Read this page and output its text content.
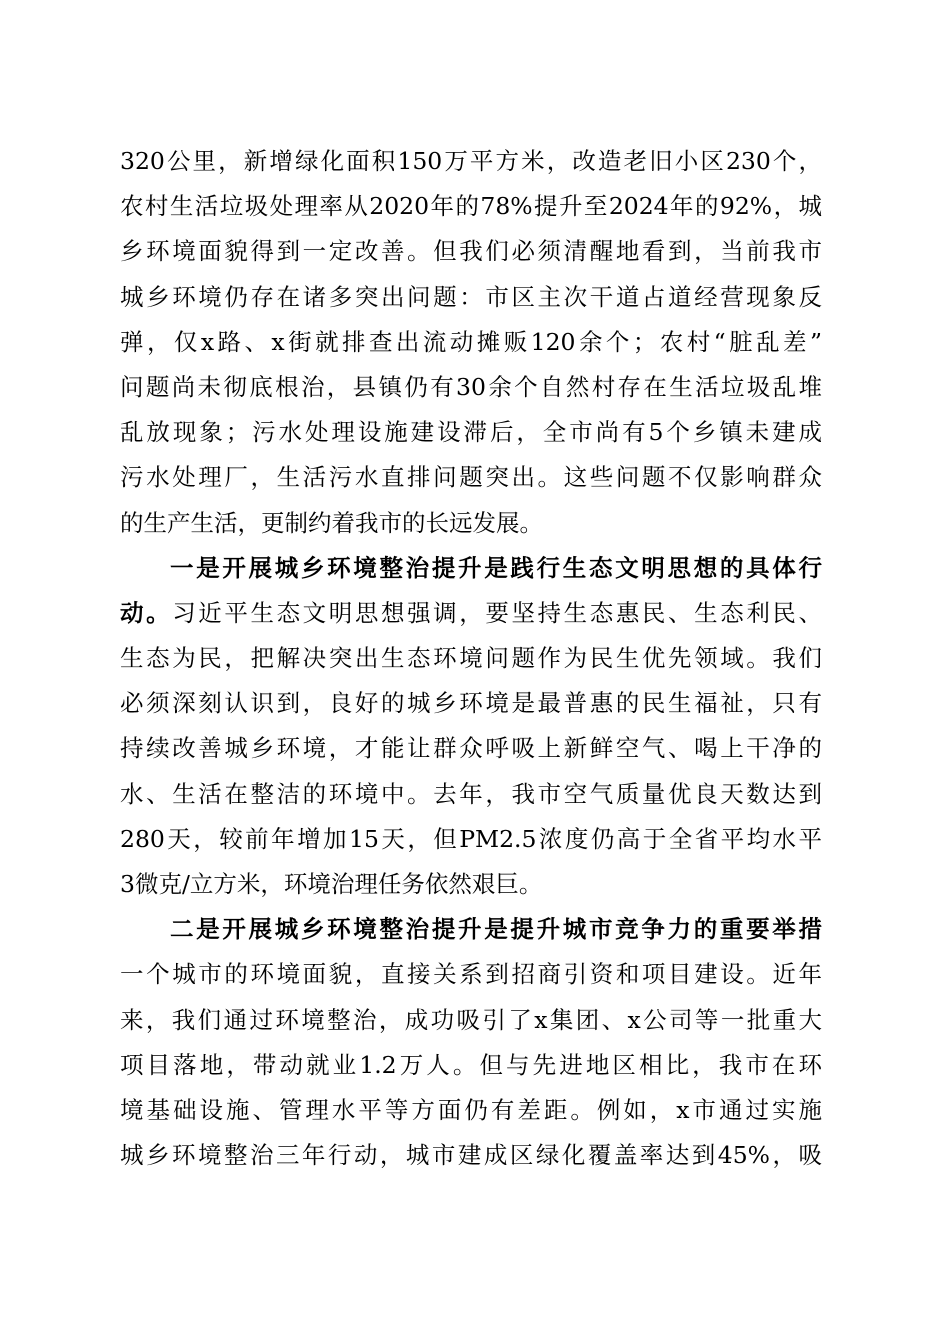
320公里，新增绿化面积150万平方米，改造老旧小区230个，
农村生活垃圾处理率从2020年的78%提升至2024年的92%，城
乡环境面貌得到一定改善。但我们必须清醒地看到，当前我市
城乡环境仍存在诸多突出问题：市区主次干道占道经营现象反
弹，仅x路、x街就排查出流动摊贩120余个；农村“脏乱差”
问题尚未彻底根治，县镇仍有30余个自然村存在生活垃圾乱堆
乱放现象；污水处理设施建设滞后，全市尚有5个乡镇未建成
污水处理厂，生活污水直排问题突出。这些问题不仅影响群众
的生产生活，更制约着我市的长远发展。
一是开展城乡环境整治提升是践行生态文明思想的具体行
动。习近平生态文明思想强调，要坚持生态惠民、生态利民、
生态为民，把解决突出生态环境问题作为民生优先领域。我们
必须深刻认识到，良好的城乡环境是最普惠的民生福祉，只有
持续改善城乡环境，才能让群众呼吸上新鲜空气、喝上干净的
水、生活在整洁的环境中。去年，我市空气质量优良天数达到
280天，较前年增加15天，但PM2.5浓度仍高于全省平均水平
3微克/立方米，环境治理任务依然艰巨。
二是开展城乡环境整治提升是提升城市竞争力的重要举措
一个城市的环境面貌，直接关系到招商引资和项目建设。近年
来，我们通过环境整治，成功吸引了x集团、x公司等一批重大
项目落地，带动就业1.2万人。但与先进地区相比，我市在环
境基础设施、管理水平等方面仍有差距。例如，x市通过实施
城乡环境整治三年行动，城市建成区绿化覆盖率达到45%，吸
